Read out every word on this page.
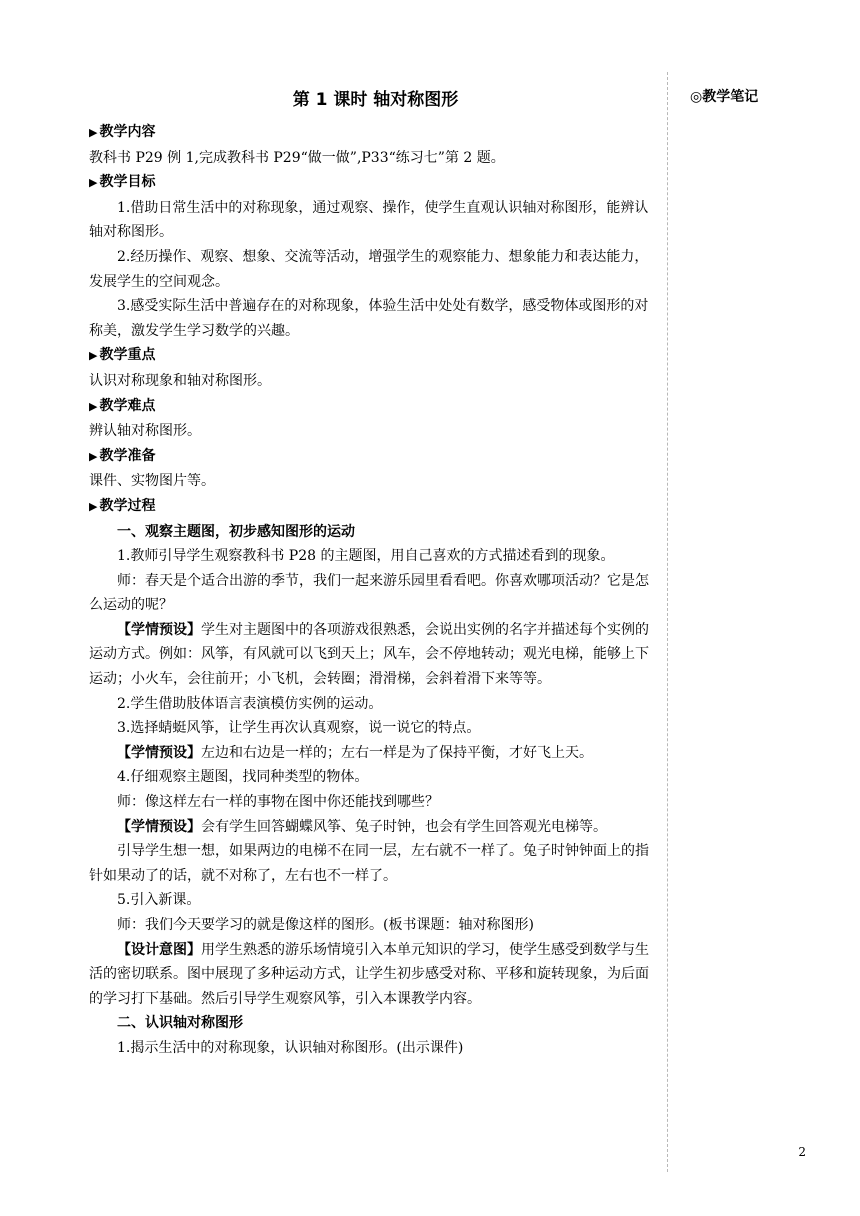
◎教学笔记
2
第 1 课时 轴对称图形

▶ 教学内容

教科书 P29 例 1,完成教科书 P29“做一做”,P33“练习七”第 2 题。

▶ 教学目标

1.借助日常生活中的对称现象，通过观察、操作，使学生直观认识轴对称图形，能辨认轴对称图形。

2.经历操作、观察、想象、交流等活动，增强学生的观察能力、想象能力和表达能力，发展学生的空间观念。

3.感受实际生活中普遍存在的对称现象，体验生活中处处有数学，感受物体或图形的对称美，激发学生学习数学的兴趣。

▶ 教学重点

认识对称现象和轴对称图形。

▶ 教学难点

辨认轴对称图形。

▶ 教学准备

课件、实物图片等。

▶ 教学过程

一、观察主题图，初步感知图形的运动

1.教师引导学生观察教科书 P28 的主题图，用自己喜欢的方式描述看到的现象。

师：春天是个适合出游的季节，我们一起来游乐园里看看吧。你喜欢哪项活动？它是怎么运动的呢？

【学情预设】学生对主题图中的各项游戏很熟悉，会说出实例的名字并描述每个实例的运动方式。例如：风筝，有风就可以飞到天上；风车，会不停地转动；观光电梯，能够上下运动；小火车，会往前开；小飞机，会转圈；滑滑梯，会斜着滑下来等等。

2.学生借助肢体语言表演模仿实例的运动。

3.选择蜻蜓风筝，让学生再次认真观察，说一说它的特点。

【学情预设】左边和右边是一样的；左右一样是为了保持平衡，才好飞上天。

4.仔细观察主题图，找同种类型的物体。

师：像这样左右一样的事物在图中你还能找到哪些？

【学情预设】会有学生回答蝴蝶风筝、兔子时钟，也会有学生回答观光电梯等。

引导学生想一想，如果两边的电梯不在同一层，左右就不一样了。兔子时钟钟面上的指针如果动了的话，就不对称了，左右也不一样了。

5.引入新课。

师：我们今天要学习的就是像这样的图形。(板书课题：轴对称图形)

【设计意图】用学生熟悉的游乐场情境引入本单元知识的学习，使学生感受到数学与生活的密切联系。图中展现了多种运动方式，让学生初步感受对称、平移和旋转现象，为后面的学习打下基础。然后引导学生观察风筝，引入本课教学内容。

二、认识轴对称图形

1.揭示生活中的对称现象，认识轴对称图形。(出示课件)
